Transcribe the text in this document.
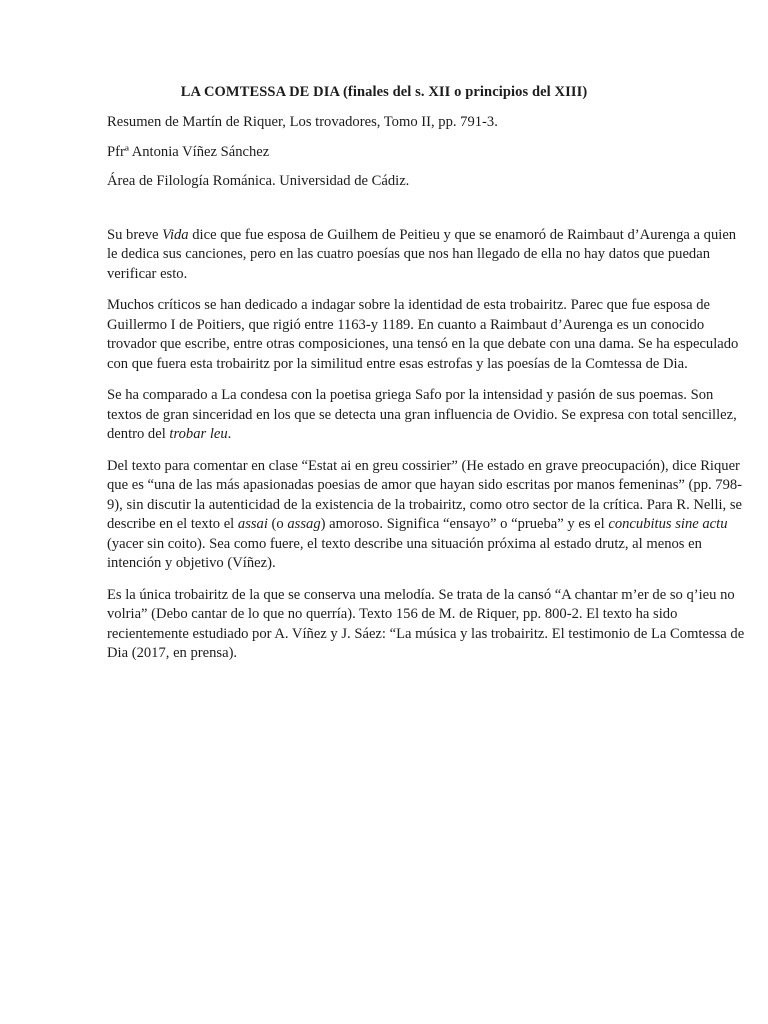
LA COMTESSA DE DIA (finales del s. XII o principios del XIII)

Resumen de Martín de Riquer, Los trovadores, Tomo II, pp. 791-3.

Pfrª Antonia Víñez Sánchez

Área de Filología Románica. Universidad de Cádiz.

Su breve Vida dice que fue esposa de Guilhem de Peitieu y que se enamoró de Raimbaut d’Aurenga a quien le dedica sus canciones, pero en las cuatro poesías que nos han llegado de ella no hay datos que puedan verificar esto.

Muchos críticos se han dedicado a indagar sobre la identidad de esta trobairitz. Parec que fue esposa de Guillermo I de Poitiers, que rigió entre 1163-y 1189. En cuanto a Raimbaut d’Aurenga es un conocido trovador que escribe, entre otras composiciones, una tensó en la que debate con una dama. Se ha especulado con que fuera esta trobairitz por la similitud entre esas estrofas y las poesías de la Comtessa de Dia.

Se ha comparado a La condesa con la poetisa griega Safo por la intensidad y pasión de sus poemas. Son textos de gran sinceridad en los que se detecta una gran influencia de Ovidio. Se expresa con total sencillez, dentro del trobar leu.

Del texto para comentar en clase “Estat ai en greu cossirier” (He estado en grave preocupación), dice Riquer que es “una de las más apasionadas poesias de amor que hayan sido escritas por manos femeninas” (pp. 798-9), sin discutir la autenticidad de la existencia de la trobairitz, como otro sector de la crítica. Para R. Nelli, se describe en el texto el assai (o assag) amoroso. Significa “ensayo” o “prueba” y es el concubitus sine actu (yacer sin coito). Sea como fuere, el texto describe una situación próxima al estado drutz, al menos en intención y objetivo (Víñez).

Es la única trobairitz de la que se conserva una melodía. Se trata de la cansó “A chantar m’er de so q’ieu no volria” (Debo cantar de lo que no querría). Texto 156 de M. de Riquer, pp. 800-2. El texto ha sido recientemente estudiado por A. Víñez y J. Sáez: “La música y las trobairitz. El testimonio de La Comtessa de Dia (2017, en prensa).
